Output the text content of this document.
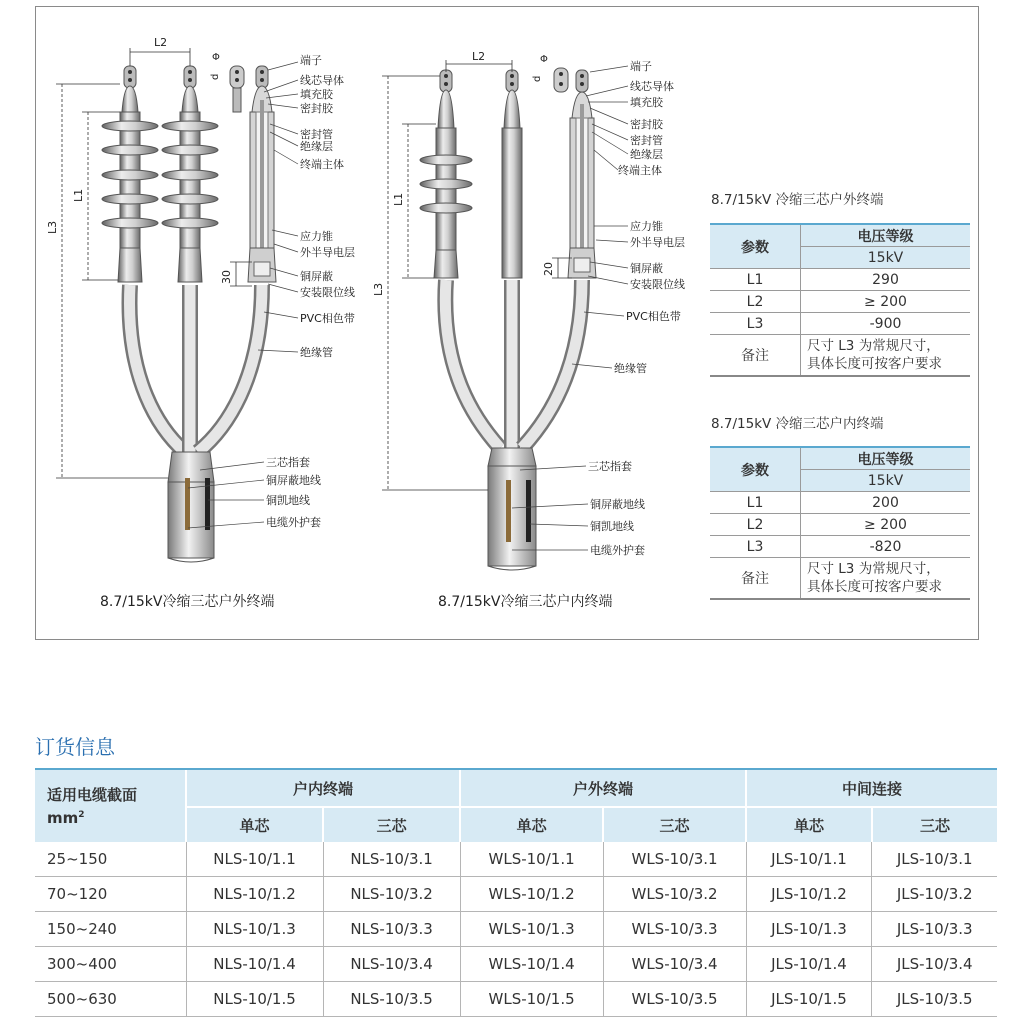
L2
L3
L1
30
Φ
d
端子
线芯导体
填充胶
密封胶
密封管
绝缘层
终端主体
应力锥
外半导电层
铜屏蔽
安装限位线
PVC相色带
绝缘管
三芯指套
铜屏蔽地线
铜凯地线
电缆外护套
L2
L3
L1
20
Φ
d
端子
线芯导体
填充胶
密封胶
密封管
绝缘层
终端主体
应力锥
外半导电层
铜屏蔽
安装限位线
PVC相色带
绝缘管
三芯指套
铜屏蔽地线
铜凯地线
电缆外护套
8.7/15kV冷缩三芯户外终端	8.7/15kV冷缩三芯户内终端
8.7/15kV 冷缩三芯户外终端
参数	电压等级
	15kV
L1	290
L2	≥ 200
L3	-900
备注	尺寸 L3 为常规尺寸，
具体长度可按客户要求
8.7/15kV 冷缩三芯户内终端
参数	电压等级
	15kV
L1	200
L2	≥ 200
L3	-820
备注	尺寸 L3 为常规尺寸，
具体长度可按客户要求
订货信息
适用电缆截面
$mm^2$	户内终端		户外终端		中间连接	
	单芯	三芯	单芯	三芯	单芯	三芯
25~150	NLS-10/1.1	NLS-10/3.1	WLS-10/1.1	WLS-10/3.1	JLS-10/1.1	JLS-10/3.1
70~120	NLS-10/1.2	NLS-10/3.2	WLS-10/1.2	WLS-10/3.2	JLS-10/1.2	JLS-10/3.2
150~240	NLS-10/1.3	NLS-10/3.3	WLS-10/1.3	WLS-10/3.3	JLS-10/1.3	JLS-10/3.3
300~400	NLS-10/1.4	NLS-10/3.4	WLS-10/1.4	WLS-10/3.4	JLS-10/1.4	JLS-10/3.4
500~630	NLS-10/1.5	NLS-10/3.5	WLS-10/1.5	WLS-10/3.5	JLS-10/1.5	JLS-10/3.5
